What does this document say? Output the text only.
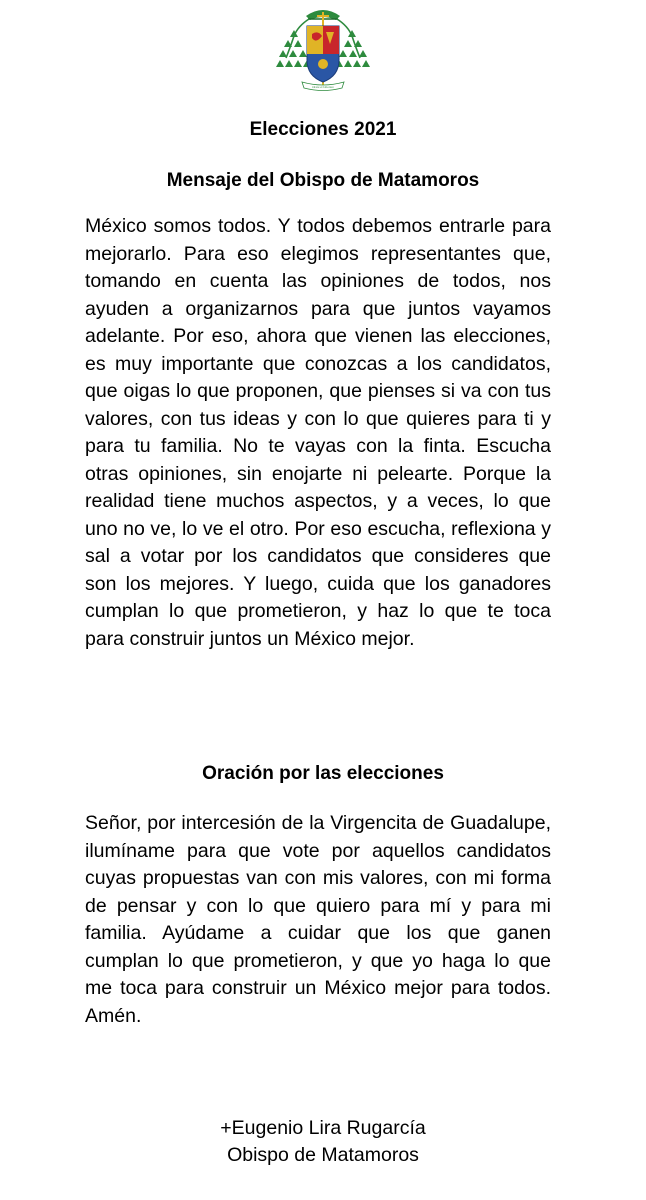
Orare et laborare
Elecciones 2021
Mensaje del Obispo de Matamoros

México somos todos. Y todos debemos entrarle para mejorarlo. Para eso elegimos representantes que, tomando en cuenta las opiniones de todos, nos ayuden a organizarnos para que juntos vayamos adelante. Por eso, ahora que vienen las elecciones, es muy importante que conozcas a los candidatos, que oigas lo que proponen, que pienses si va con tus valores, con tus ideas y con lo que quieres para ti y para tu familia. No te vayas con la finta. Escucha otras opiniones, sin enojarte ni pelearte. Porque la realidad tiene muchos aspectos, y a veces, lo que uno no ve, lo ve el otro. Por eso escucha, reflexiona y sal a votar por los candidatos que consideres que son los mejores. Y luego, cuida que los ganadores cumplan lo que prometieron, y haz lo que te toca para construir juntos un México mejor.

Oración por las elecciones

Señor, por intercesión de la Virgencita de Guadalupe, ilumíname para que vote por aquellos candidatos cuyas propuestas van con mis valores, con mi forma de pensar y con lo que quiero para mí y para mi familia. Ayúdame a cuidar que los que ganen cumplan lo que prometieron, y que yo haga lo que me toca para construir un México mejor para todos. Amén.

+Eugenio Lira Rugarcía
Obispo de Matamoros
